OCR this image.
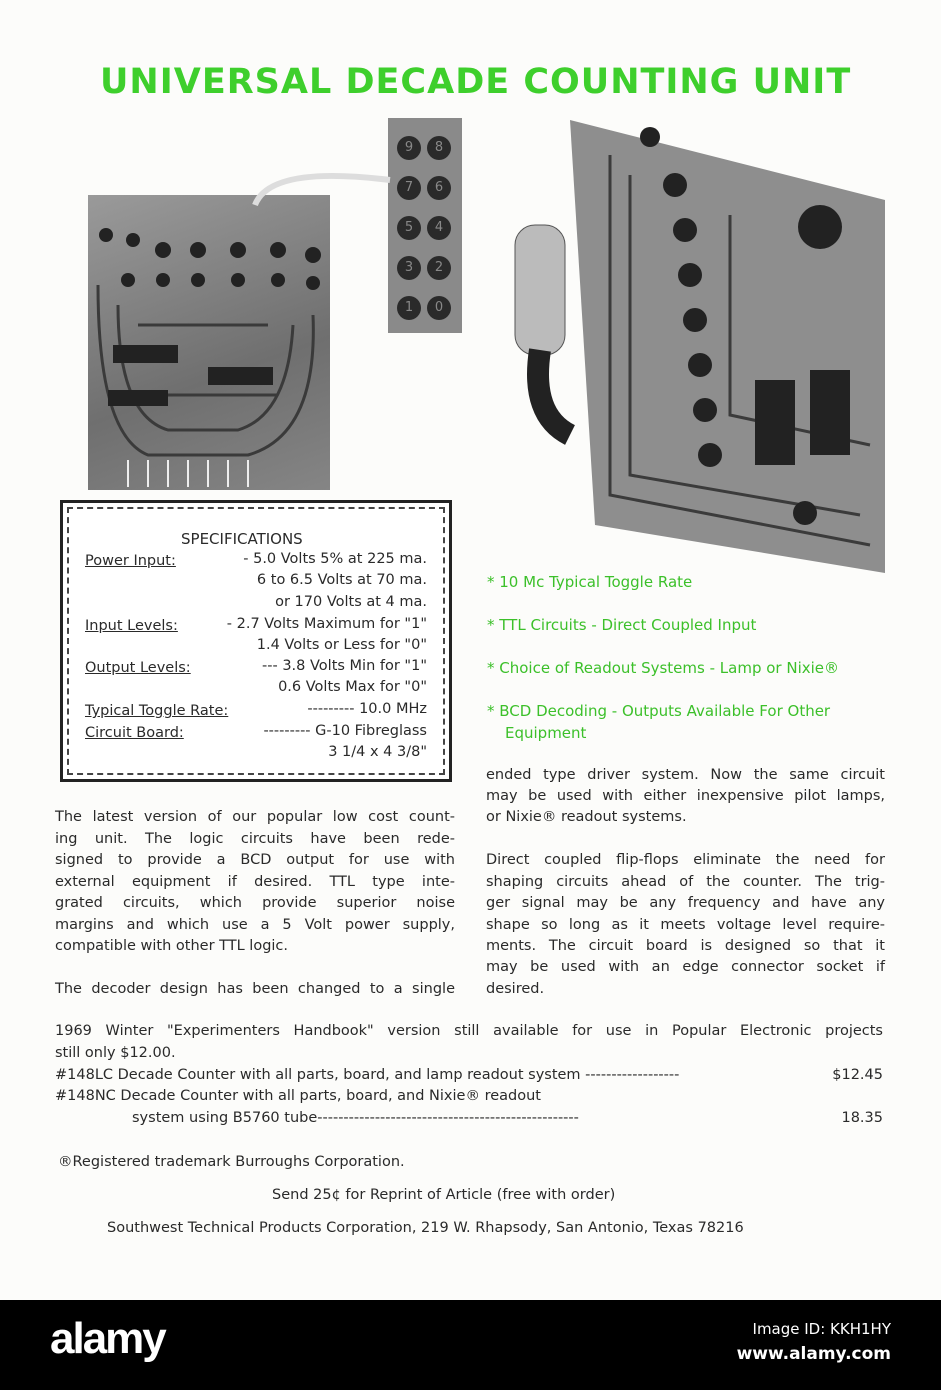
UNIVERSAL DECADE COUNTING UNIT
9 8 7 6 5 4 3 2 1 0
SPECIFICATIONS
Power Input:	- 5.0 Volts 5% at 225 ma.
6 to 6.5 Volts at 70 ma.
or 170 Volts at 4 ma.
Input Levels:	- 2.7 Volts Maximum for "1"
1.4 Volts or Less for "0"
Output Levels:	--- 3.8 Volts Min for "1"
0.6 Volts Max for "0"
Typical Toggle Rate:	--------- 10.0 MHz
Circuit Board:	--------- G-10 Fibreglass
3 1/4 x 4 3/8"
* 10 Mc Typical Toggle Rate
* TTL Circuits - Direct Coupled Input
* Choice of Readout Systems - Lamp or Nixie®
* BCD Decoding - Outputs Available For Other
Equipment
The latest version of our popular low cost count-
ing unit. The logic circuits have been rede-
signed to provide a BCD output for use with
external equipment if desired. TTL type inte-
grated circuits, which provide superior noise
margins and which use a 5 Volt power supply,
compatible with other TTL logic.
The decoder design has been changed to a single
ended type driver system. Now the same circuit
may be used with either inexpensive pilot lamps,
or Nixie® readout systems.
Direct coupled flip-flops eliminate the need for
shaping circuits ahead of the counter. The trig-
ger signal may be any frequency and have any
shape so long as it meets voltage level require-
ments. The circuit board is designed so that it
may be used with an edge connector socket if
desired.
1969 Winter "Experimenters Handbook" version still available for use in Popular Electronic projects
still only $12.00.
#148LC Decade Counter with all parts, board, and lamp readout system ------------------	$12.45
#148NC Decade Counter with all parts, board, and Nixie® readout
system using B5760 tube--------------------------------------------------	18.35
®Registered trademark Burroughs Corporation.
Send 25¢ for Reprint of Article (free with order)
Southwest Technical Products Corporation, 219 W. Rhapsody, San Antonio, Texas 78216
alamy	Image ID: KKH1HY
www.alamy.com
